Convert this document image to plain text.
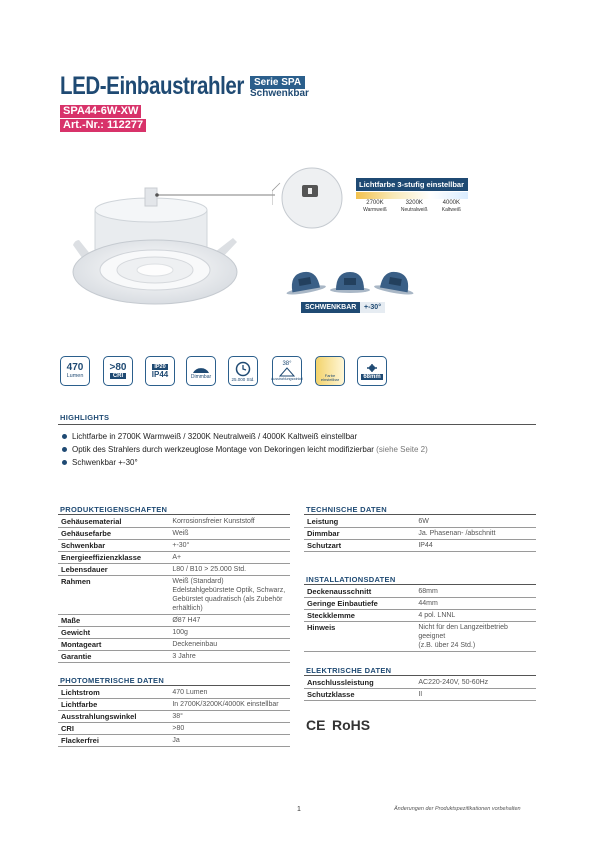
LED-Einbaustrahler	Serie SPA
Schwenkbar
SPA44-6W-XW
Art.-Nr.: 112277
Lichtfarbe 3-stufig einstellbar
2700K
Warmweiß
3200K
Neutralweiß
4000K
Kaltweiß
SCHWENKBAR	+-30°
470
Lumen
>80
CRI
IP20
IP44	Dimmbar	25.000 Std.
38°
Ausstrahlungswinkel
Farbe einstellbar	68mm
HIGHLIGHTS
Lichtfarbe in 2700K Warmweiß / 3200K Neutralweiß / 4000K Kaltweiß einstellbar
Optik des Strahlers durch werkzeuglose Montage von Dekoringen leicht modifizierbar (siehe Seite 2)
Schwenkbar +-30°
PRODUKTEIGENSCHAFTEN
Gehäusematerial	Korrosionsfreier Kunststoff
Gehäusefarbe	Weiß
Schwenkbar	+-30°
Energieeffizienzklasse	A+
Lebensdauer	L80 / B10 > 25.000 Std.
Rahmen	Weiß (Standard)
Edelstahlgebürstete Optik, Schwarz,
Gebürstet quadratisch (als Zubehör erhältlich)
Maße	Ø87 H47
Gewicht	100g
Montageart	Deckeneinbau
Garantie	3 Jahre
PHOTOMETRISCHE DATEN
Lichtstrom	470 Lumen
Lichtfarbe	In 2700K/3200K/4000K einstellbar
Ausstrahlungswinkel	38°
CRI	>80
Flackerfrei	Ja
TECHNISCHE DATEN
Leistung	6W
Dimmbar	Ja. Phasenan- /abschnitt
Schutzart	IP44
INSTALLATIONSDATEN
Deckenausschnitt	68mm
Geringe Einbautiefe	44mm
Steckklemme	4 pol. LNNL
Hinweis	Nicht für den Langzeitbetrieb geeignet
(z.B. über 24 Std.)
ELEKTRISCHE DATEN
Anschlussleistung	AC220-240V, 50-60Hz
Schutzklasse	II
CE RoHS
1	Änderungen der Produktspezifikationen vorbehalten
